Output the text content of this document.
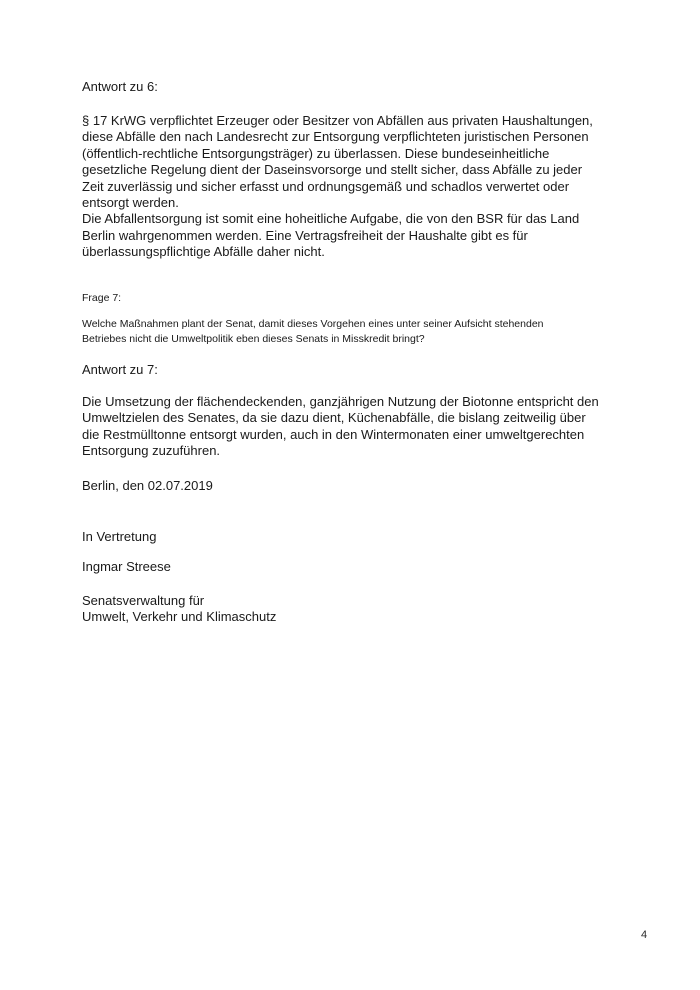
Antwort zu 6:
§ 17 KrWG verpflichtet Erzeuger oder Besitzer von Abfällen aus privaten Haushaltungen,
diese Abfälle den nach Landesrecht zur Entsorgung verpflichteten juristischen Personen
(öffentlich-rechtliche Entsorgungsträger) zu überlassen. Diese bundeseinheitliche
gesetzliche Regelung dient der Daseinsvorsorge und stellt sicher, dass Abfälle zu jeder
Zeit zuverlässig und sicher erfasst und ordnungsgemäß und schadlos verwertet oder
entsorgt werden.
Die Abfallentsorgung ist somit eine hoheitliche Aufgabe, die von den BSR für das Land
Berlin wahrgenommen werden. Eine Vertragsfreiheit der Haushalte gibt es für
überlassungspflichtige Abfälle daher nicht.
Frage 7:
Welche Maßnahmen plant der Senat, damit dieses Vorgehen eines unter seiner Aufsicht stehenden
Betriebes nicht die Umweltpolitik eben dieses Senats in Misskredit bringt?
Antwort zu 7:
Die Umsetzung der flächendeckenden, ganzjährigen Nutzung der Biotonne entspricht den
Umweltzielen des Senates, da sie dazu dient, Küchenabfälle, die bislang zeitweilig über
die Restmülltonne entsorgt wurden, auch in den Wintermonaten einer umweltgerechten
Entsorgung zuzuführen.
Berlin, den 02.07.2019
In Vertretung
Ingmar Streese
Senatsverwaltung für
Umwelt, Verkehr und Klimaschutz
4
